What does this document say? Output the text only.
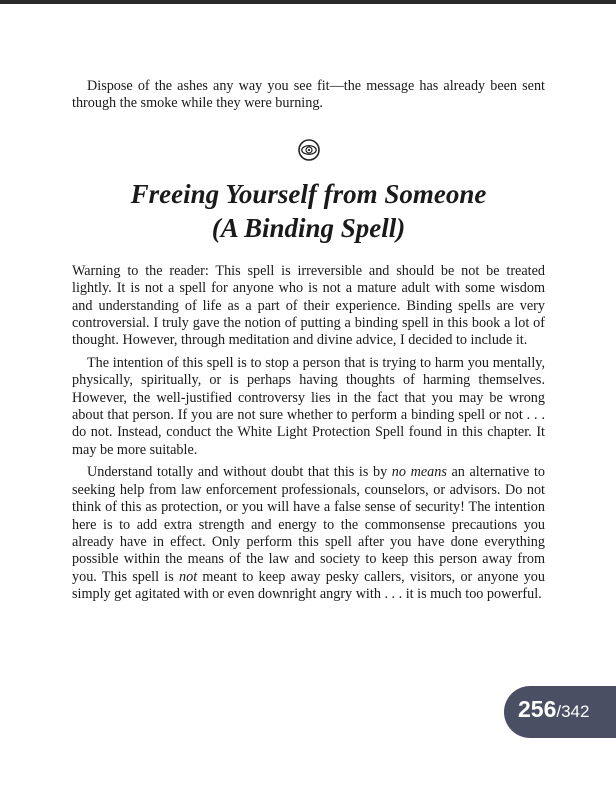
Dispose of the ashes any way you see fit—the message has already been sent through the smoke while they were burning.

Freeing Yourself from Someone
(A Binding Spell)

Warning to the reader: This spell is irreversible and should be not be treated lightly. It is not a spell for anyone who is not a mature adult with some wisdom and understanding of life as a part of their experience. Binding spells are very controversial. I truly gave the notion of putting a binding spell in this book a lot of thought. However, through meditation and divine advice, I decided to include it.

The intention of this spell is to stop a person that is trying to harm you mentally, physically, spiritually, or is perhaps having thoughts of harming themselves. However, the well-justified controversy lies in the fact that you may be wrong about that person. If you are not sure whether to perform a binding spell or not . . . do not. Instead, conduct the White Light Protection Spell found in this chapter. It may be more suitable.

Understand totally and without doubt that this is by no means an alternative to seeking help from law enforcement professionals, counselors, or advisors. Do not think of this as protection, or you will have a false sense of security! The intention here is to add extra strength and energy to the commonsense precautions you already have in effect. Only perform this spell after you have done everything possible within the means of the law and society to keep this person away from you. This spell is not meant to keep away pesky callers, visitors, or anyone you simply get agitated with or even downright angry with . . . it is much too powerful.

256 /342
